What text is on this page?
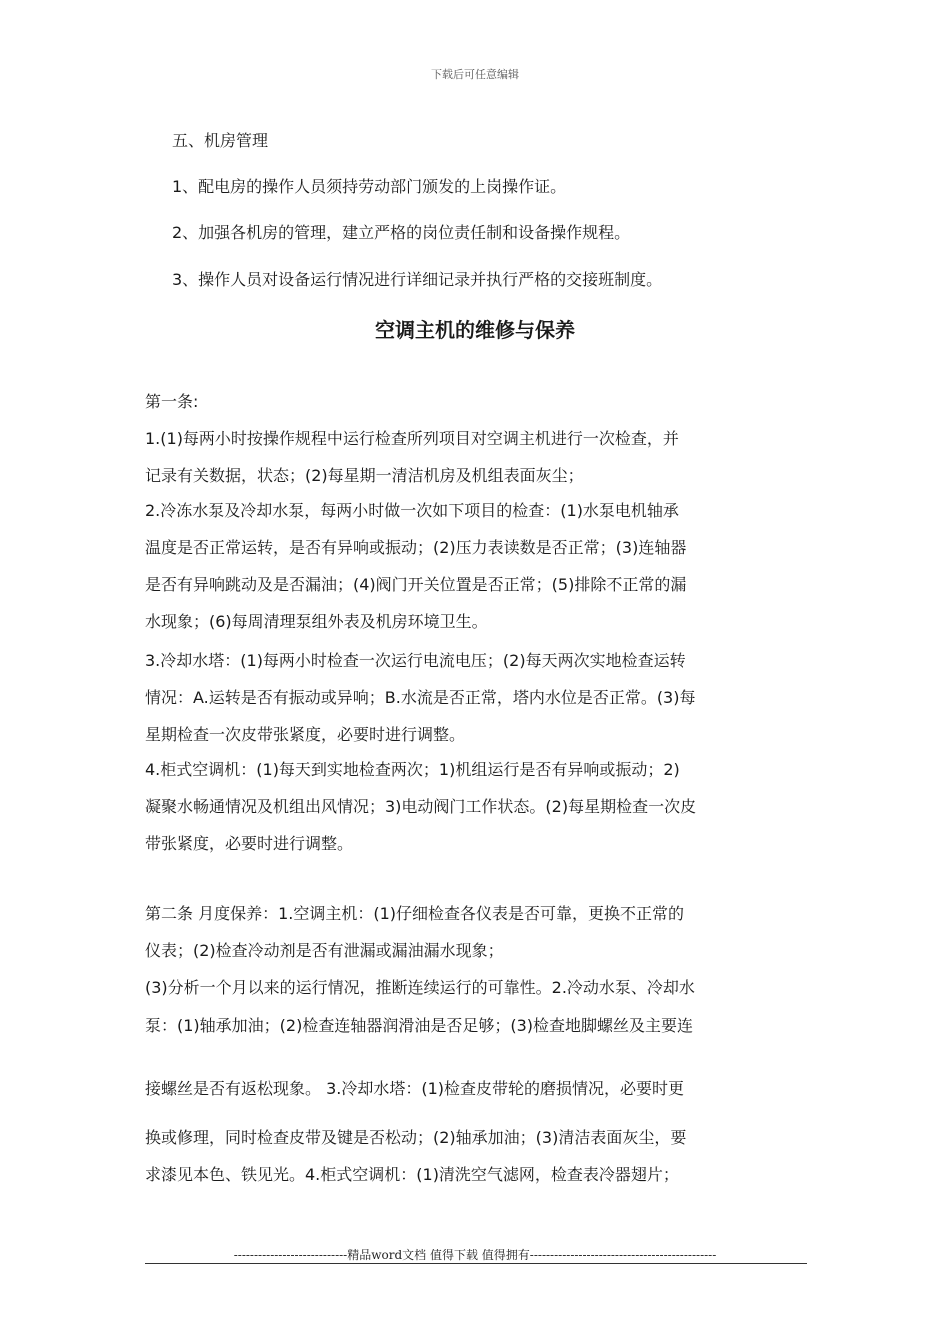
下载后可任意编辑
五、机房管理
1、配电房的操作人员须持劳动部门颁发的上岗操作证。
2、加强各机房的管理，建立严格的岗位责任制和设备操作规程。
3、操作人员对设备运行情况进行详细记录并执行严格的交接班制度。
空调主机的维修与保养
第一条:
1.(1)每两小时按操作规程中运行检查所列项目对空调主机进行一次检查，并
记录有关数据，状态；(2)每星期一清洁机房及机组表面灰尘；
2.冷冻水泵及冷却水泵，每两小时做一次如下项目的检查：(1)水泵电机轴承
温度是否正常运转，是否有异响或振动；(2)压力表读数是否正常；(3)连轴器
是否有异响跳动及是否漏油；(4)阀门开关位置是否正常；(5)排除不正常的漏
水现象；(6)每周清理泵组外表及机房环境卫生。
3.冷却水塔：(1)每两小时检查一次运行电流电压；(2)每天两次实地检查运转
情况：A.运转是否有振动或异响；B.水流是否正常，塔内水位是否正常。(3)每
星期检查一次皮带张紧度，必要时进行调整。
4.柜式空调机：(1)每天到实地检查两次；1)机组运行是否有异响或振动；2)
凝聚水畅通情况及机组出风情况；3)电动阀门工作状态。(2)每星期检查一次皮
带张紧度，必要时进行调整。
第二条 月度保养：1.空调主机：(1)仔细检查各仪表是否可靠，更换不正常的
仪表；(2)检查冷动剂是否有泄漏或漏油漏水现象；
(3)分析一个月以来的运行情况，推断连续运行的可靠性。2.冷动水泵、冷却水
泵：(1)轴承加油；(2)检查连轴器润滑油是否足够；(3)检查地脚螺丝及主要连
接螺丝是否有返松现象。 3.冷却水塔：(1)检查皮带轮的磨损情况，必要时更
换或修理，同时检查皮带及键是否松动；(2)轴承加油；(3)清洁表面灰尘，要
求漆见本色、铁见光。4.柜式空调机：(1)清洗空气滤网，检查表冷器翅片；
----------------------------精品word文档 值得下载 值得拥有----------------------------------------------
